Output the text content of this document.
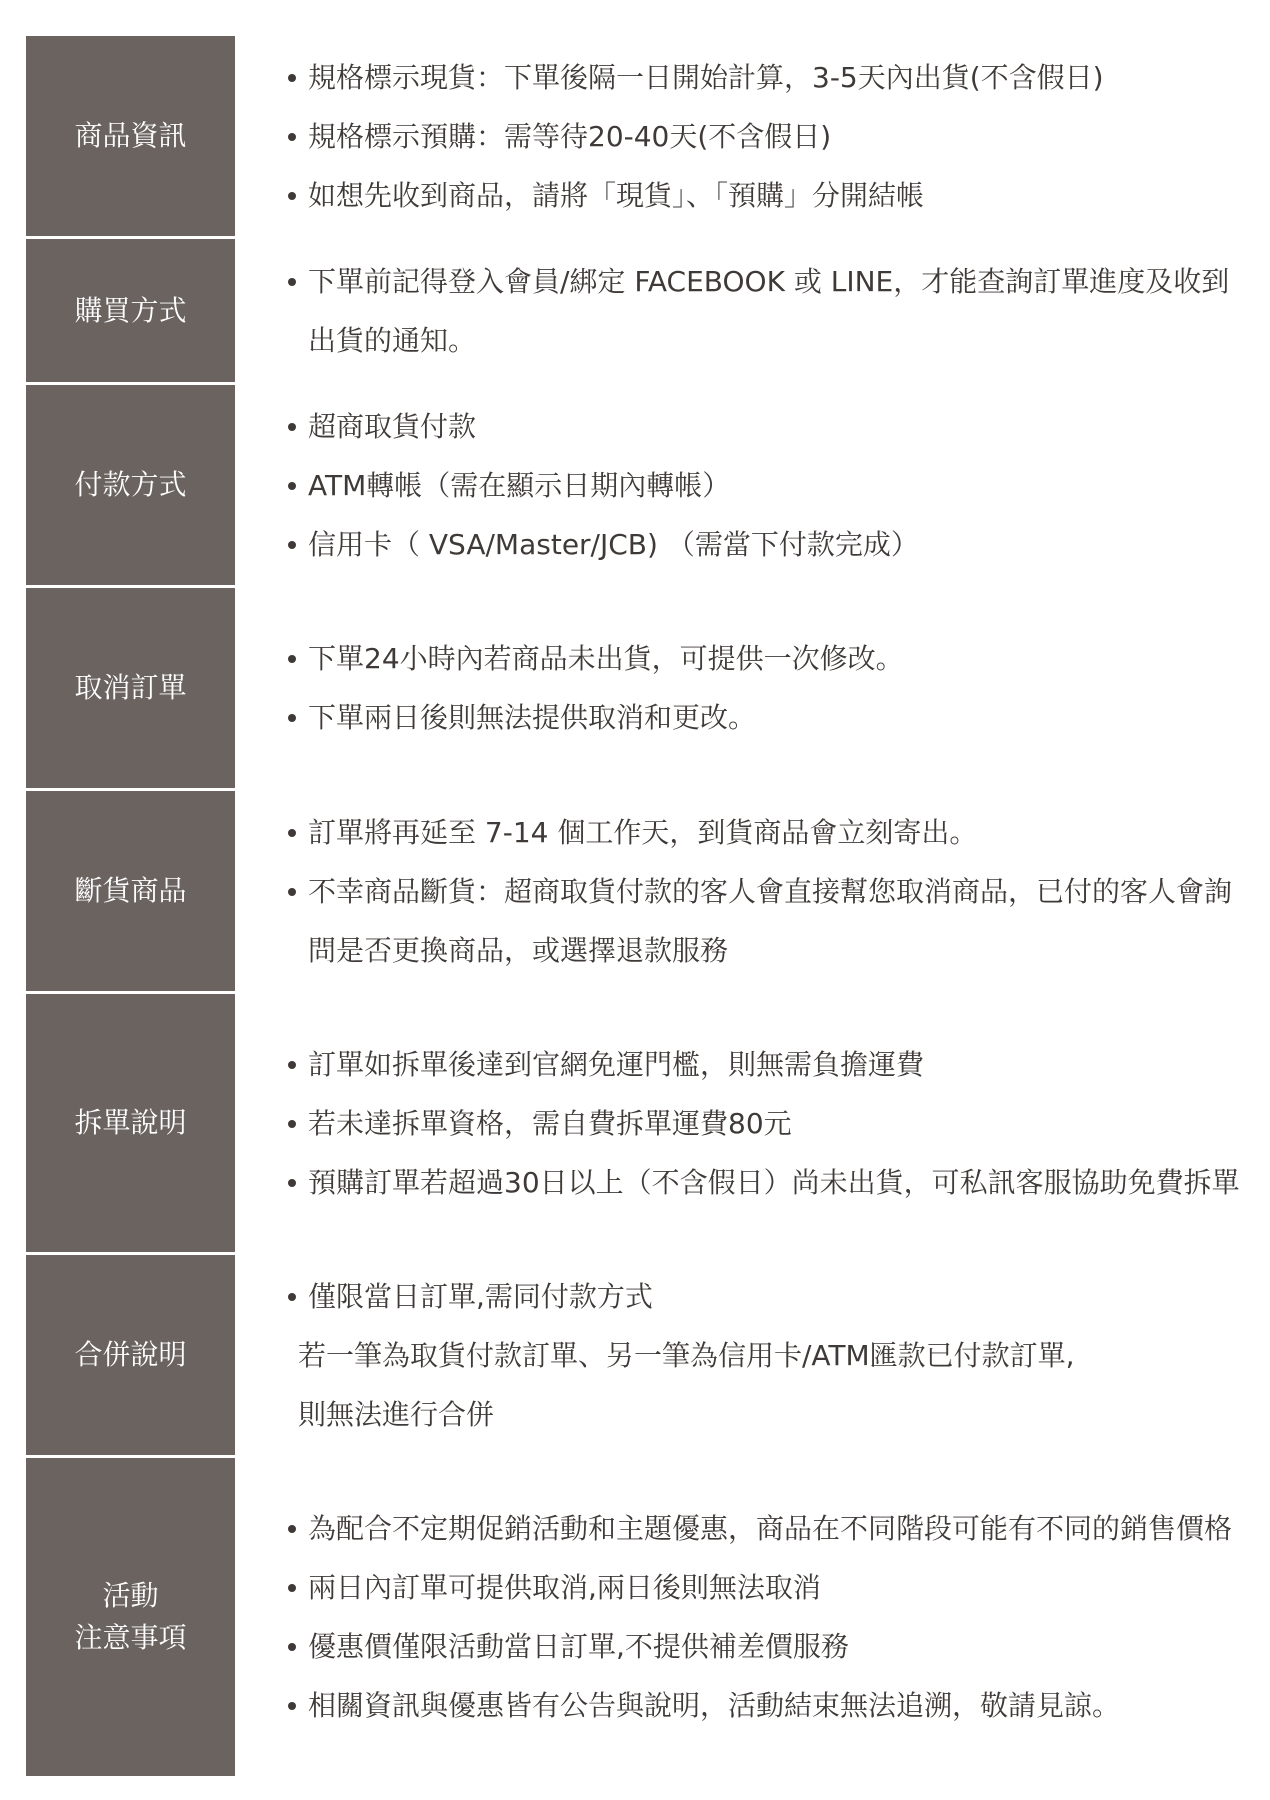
商品資訊
規格標示現貨：下單後隔一日開始計算，3-5天內出貨(不含假日)
規格標示預購：需等待20-40天(不含假日)
如想先收到商品，請將「現貨」、「預購」分開結帳
購買方式
下單前記得登入會員/綁定 FACEBOOK 或 LINE，才能查詢訂單進度及收到出貨的通知。
付款方式
超商取貨付款
ATM轉帳（需在顯示日期內轉帳）
信用卡（ VSA/Master/JCB) （需當下付款完成）
取消訂單
下單24小時內若商品未出貨，可提供一次修改。
下單兩日後則無法提供取消和更改。
斷貨商品
訂單將再延至 7-14 個工作天，到貨商品會立刻寄出。
不幸商品斷貨：超商取貨付款的客人會直接幫您取消商品，已付的客人會詢問是否更換商品，或選擇退款服務
拆單說明
訂單如拆單後達到官網免運門檻，則無需負擔運費
若未達拆單資格，需自費拆單運費80元
預購訂單若超過30日以上（不含假日）尚未出貨，可私訊客服協助免費拆單
合併說明
僅限當日訂單,需同付款方式
若一筆為取貨付款訂單、另一筆為信用卡/ATM匯款已付款訂單,
則無法進行合併
活動
注意事項
為配合不定期促銷活動和主題優惠，商品在不同階段可能有不同的銷售價格
兩日內訂單可提供取消,兩日後則無法取消
優惠價僅限活動當日訂單,不提供補差價服務
相關資訊與優惠皆有公告與說明，活動結束無法追溯，敬請見諒。
